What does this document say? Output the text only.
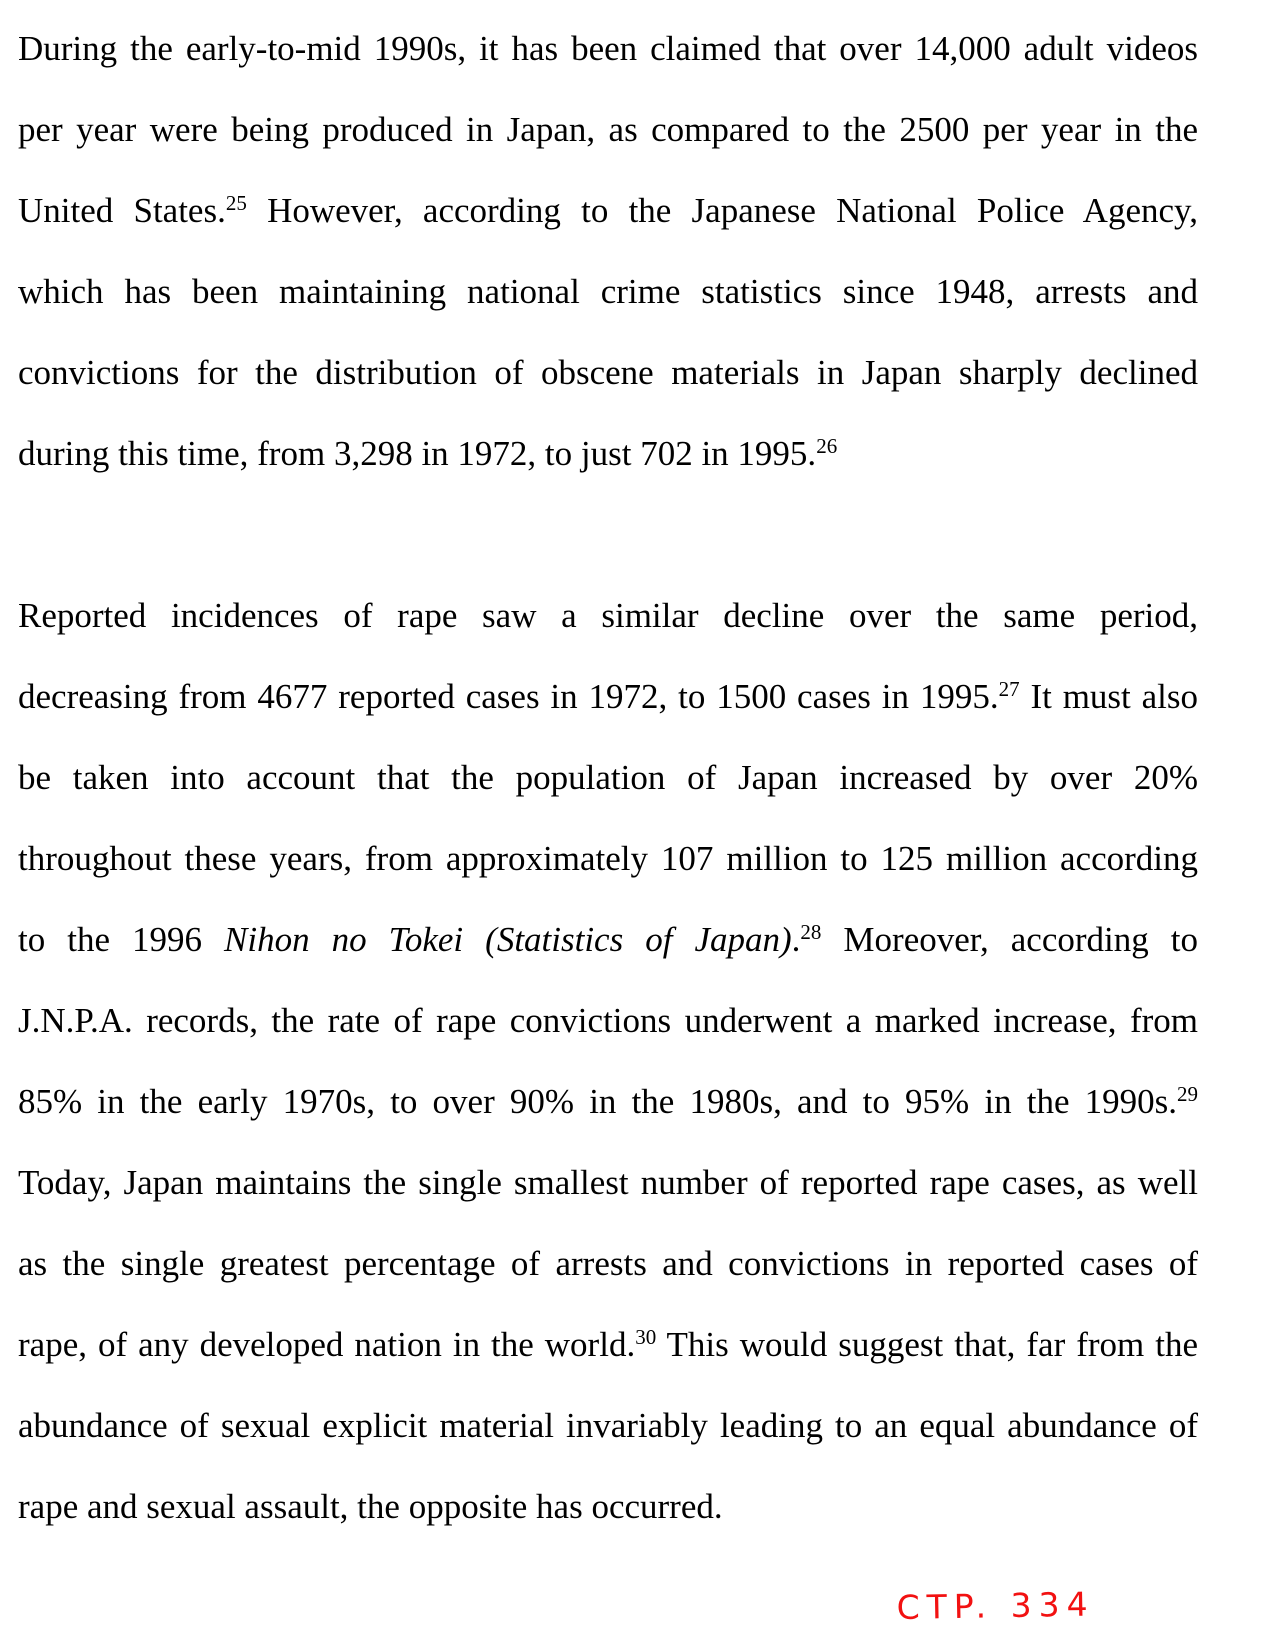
During the early-to-mid 1990s, it has been claimed that over 14,000 adult videos
per year were being produced in Japan, as compared to the 2500 per year in the
United States.$^{25}$ However, according to the Japanese National Police Agency,
which has been maintaining national crime statistics since 1948, arrests and
convictions for the distribution of obscene materials in Japan sharply declined
during this time, from 3,298 in 1972, to just 702 in 1995.26
Reported incidences of rape saw a similar decline over the same period,
decreasing from 4677 reported cases in 1972, to 1500 cases in 1995.27 It must also
be taken into account that the population of Japan increased by over 20%
throughout these years, from approximately 107 million to 125 million according
to the 1996 Nihon no Tokei (Statistics of Japan).$^{28}$ Moreover, according to
J.N.P.A. records, the rate of rape convictions underwent a marked increase, from
85% in the early 1970s, to over 90% in the 1980s, and to 95% in the 1990s.$^{29}$
Today, Japan maintains the single smallest number of reported rape cases, as well
as the single greatest percentage of arrests and convictions in reported cases of
rape, of any developed nation in the world.$^{30}$ This would suggest that, far from the
abundance of sexual explicit material invariably leading to an equal abundance of
rape and sexual assault, the opposite has occurred.
CTP. 334
